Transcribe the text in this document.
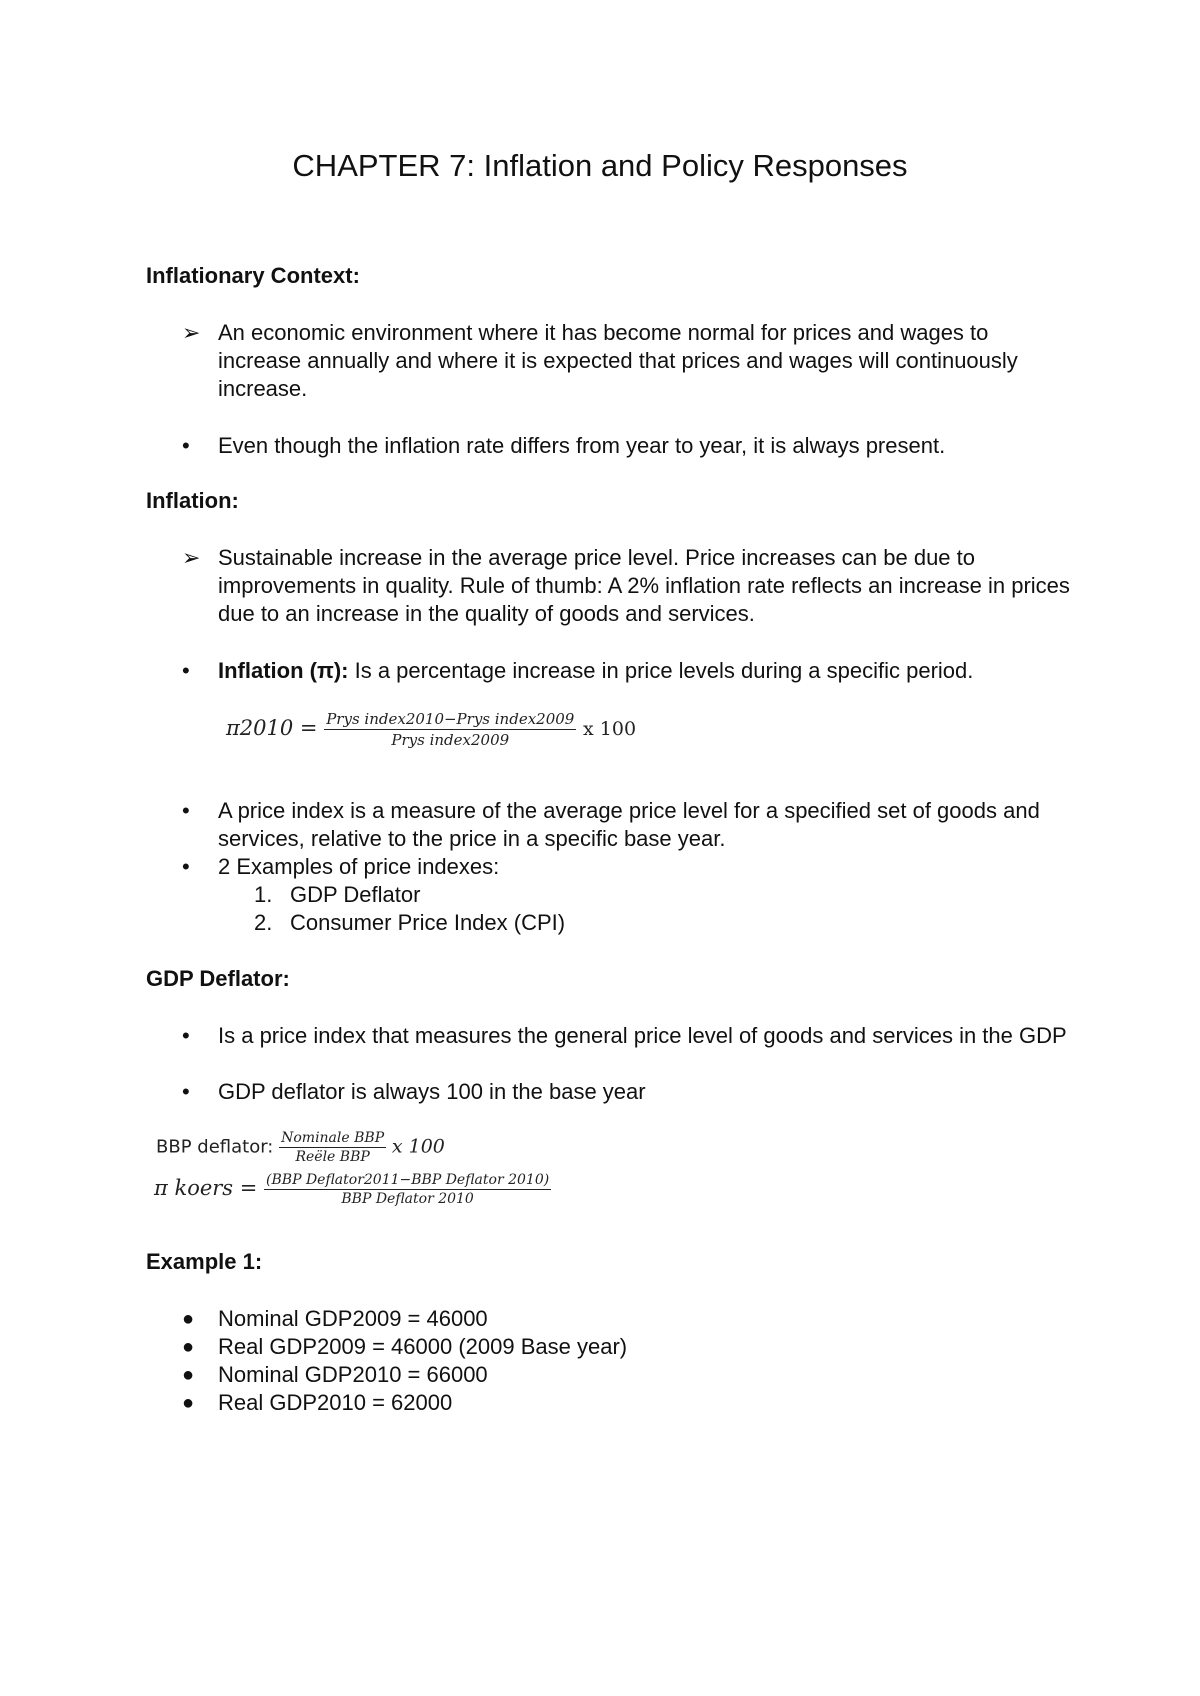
CHAPTER 7: Inflation and Policy Responses
Inflationary Context:
➢ An economic environment where it has become normal for prices and wages to increase annually and where it is expected that prices and wages will continuously increase.
•	Even though the inflation rate differs from year to year, it is always present.
Inflation:
➢ Sustainable increase in the average price level. Price increases can be due to improvements in quality. Rule of thumb: A 2% inflation rate reflects an increase in prices due to an increase in the quality of goods and services.
•	Inflation (π): Is a percentage increase in price levels during a specific period.
$\pi 2010 = \frac{\text{Prys index2010−Prys index2009}}{\text{Prys index2009}}$ x 100
•	A price index is a measure of the average price level for a specified set of goods and services, relative to the price in a specific base year.
•	2 Examples of price indexes:
1. GDP Deflator
2. Consumer Price Index (CPI)
GDP Deflator:
•	Is a price index that measures the general price level of goods and services in the GDP
•	GDP deflator is always 100 in the base year
BBP deflator: $\frac{\text{Nominale BBP}}{\text{Reële BBP}}$ x 100
π koers = $\frac{\text{(BBP Deflator2011−BBP Deflator 2010)}}{\text{BBP Deflator 2010}}$
Example 1:
●	Nominal GDP2009 = 46000
●	Real GDP2009 = 46000 (2009 Base year)
●	Nominal GDP2010 = 66000
●	Real GDP2010 = 62000
